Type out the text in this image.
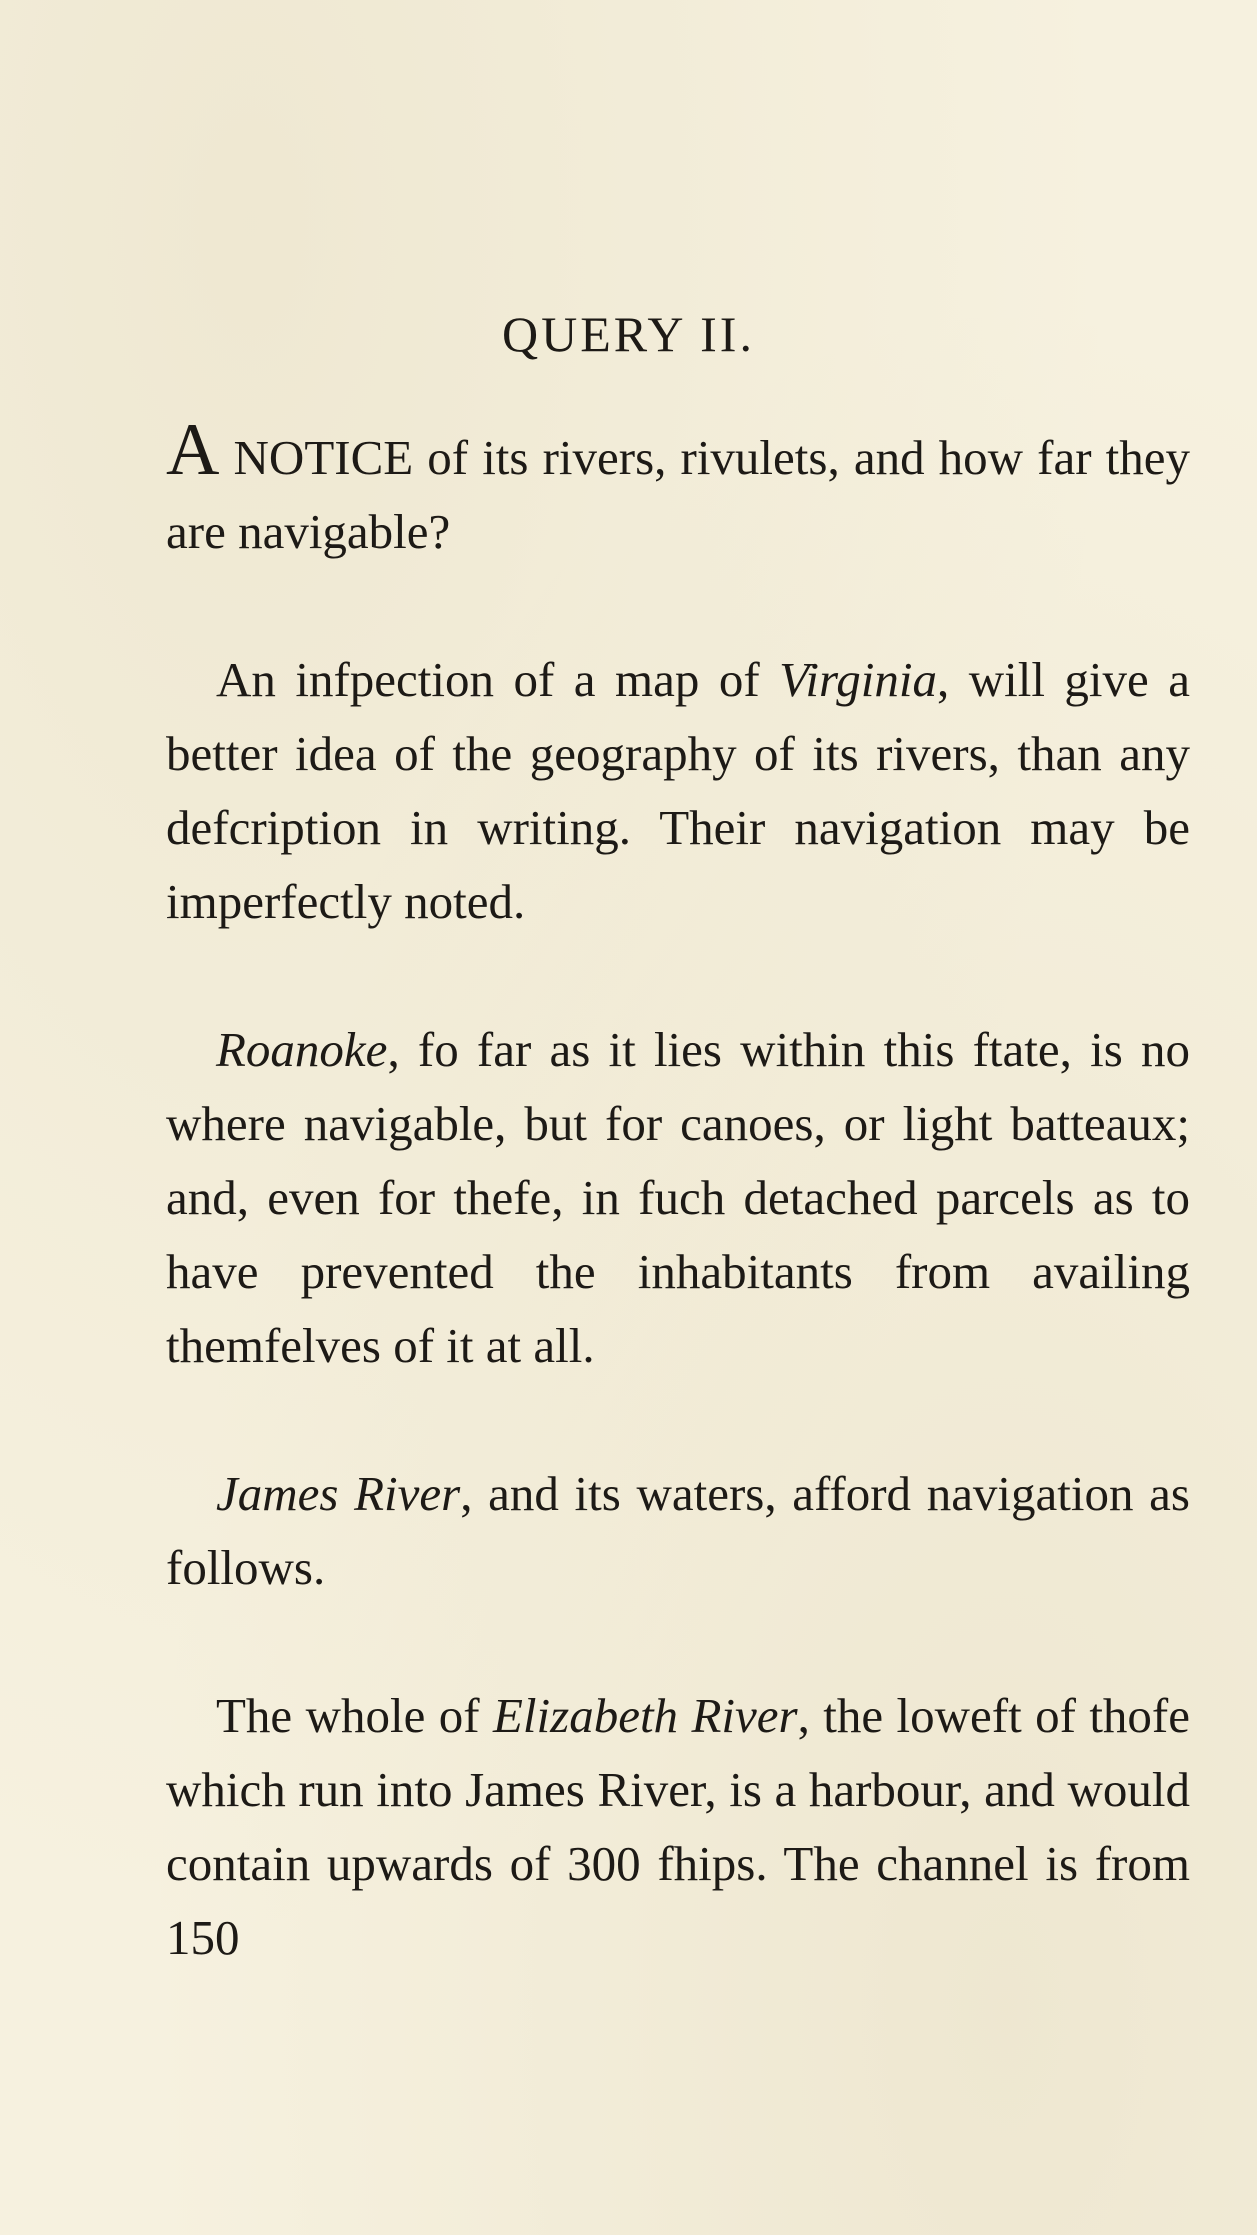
QUERY II.

A NOTICE of its rivers, rivulets, and how far they are navigable?

An infpection of a map of Virginia, will give a better idea of the geography of its rivers, than any defcription in writing. Their navigation may be imperfectly noted.

Roanoke, fo far as it lies within this ftate, is no where navigable, but for canoes, or light batteaux; and, even for thefe, in fuch detached parcels as to have prevented the inhabitants from availing themfelves of it at all.

James River, and its waters, afford navigation as follows.

The whole of Elizabeth River, the loweft of thofe which run into James River, is a harbour, and would contain upwards of 300 fhips. The channel is from 150
